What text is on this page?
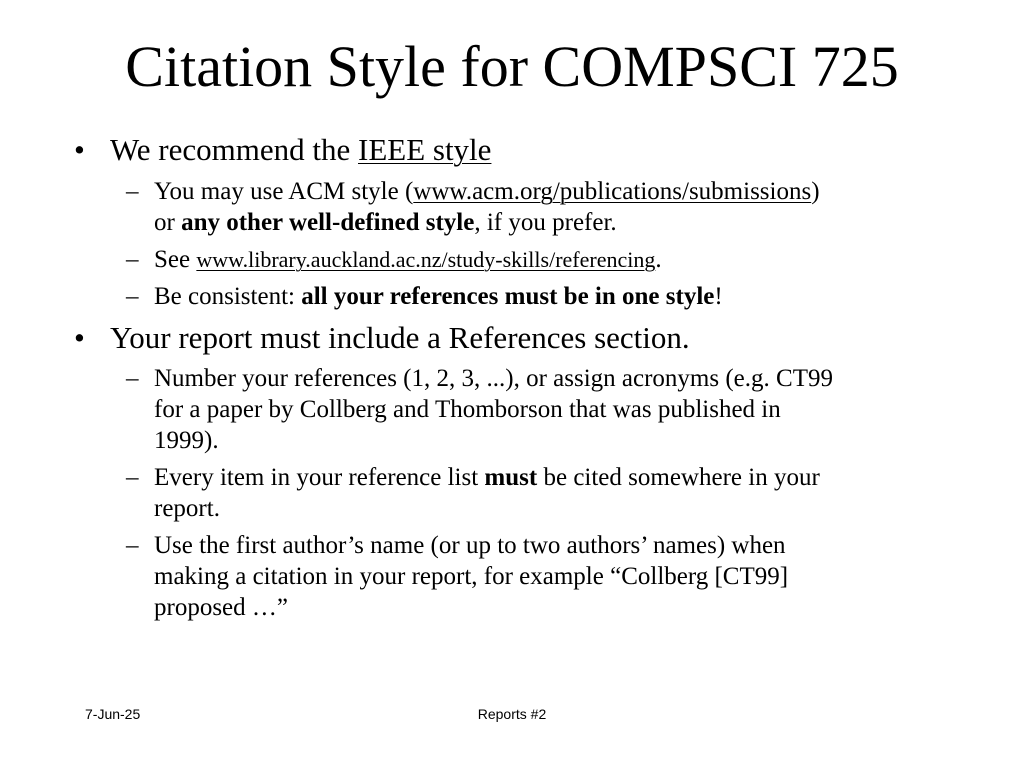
Citation Style for COMPSCI 725
• We recommend the IEEE style
– You may use ACM style (www.acm.org/publications/submissions)
or any other well-defined style, if you prefer.
– See www.library.auckland.ac.nz/study-skills/referencing.
– Be consistent: all your references must be in one style!
• Your report must include a References section.
– Number your references (1, 2, 3, ...), or assign acronyms (e.g. CT99
for a paper by Collberg and Thomborson that was published in
1999).
– Every item in your reference list must be cited somewhere in your
report.
– Use the first author’s name (or up to two authors’ names) when
making a citation in your report, for example “Collberg [CT99]
proposed …”
7-Jun-25	Reports #2
